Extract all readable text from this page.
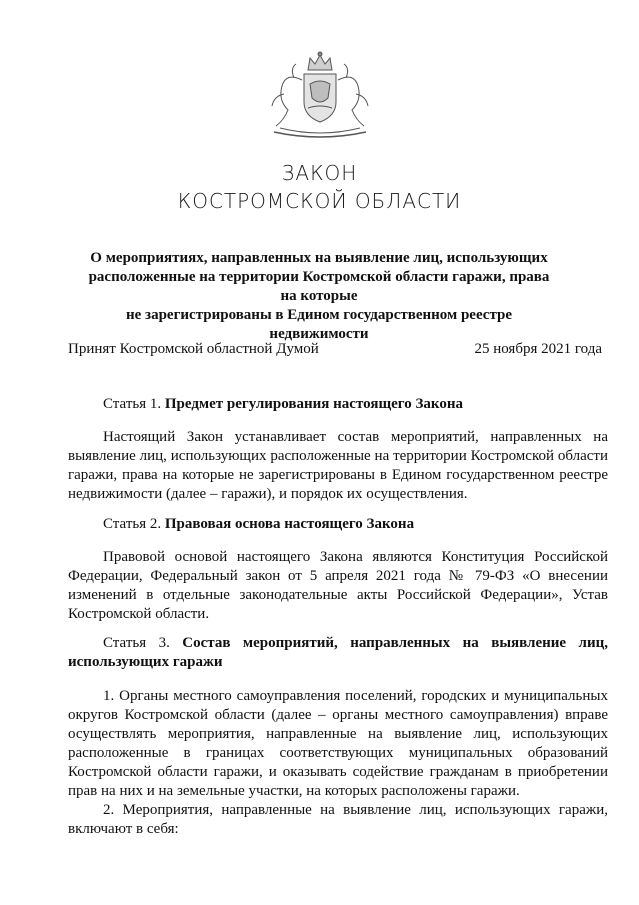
ЗАКОН
КОСТРОМСКОЙ ОБЛАСТИ
О мероприятиях, направленных на выявление лиц, использующих
расположенные на территории Костромской области гаражи, права на которые
не зарегистрированы в Едином государственном реестре недвижимости
Принят Костромской областной Думой	25 ноября 2021 года
Статья 1. Предмет регулирования настоящего Закона
Настоящий Закон устанавливает состав мероприятий, направленных на выявление лиц, использующих расположенные на территории Костромской области гаражи, права на которые не зарегистрированы в Едином государственном реестре недвижимости (далее – гаражи), и порядок их осуществления.
Статья 2. Правовая основа настоящего Закона
Правовой основой настоящего Закона являются Конституция Российской Федерации, Федеральный закон от 5 апреля 2021 года № 79-ФЗ «О внесении изменений в отдельные законодательные акты Российской Федерации», Устав Костромской области.
Статья 3. Состав мероприятий, направленных на выявление лиц, использующих гаражи
1. Органы местного самоуправления поселений, городских и муниципальных округов Костромской области (далее – органы местного самоуправления) вправе осуществлять мероприятия, направленные на выявление лиц, использующих расположенные в границах соответствующих муниципальных образований Костромской области гаражи, и оказывать содействие гражданам в приобретении прав на них и на земельные участки, на которых расположены гаражи.
2. Мероприятия, направленные на выявление лиц, использующих гаражи, включают в себя:
